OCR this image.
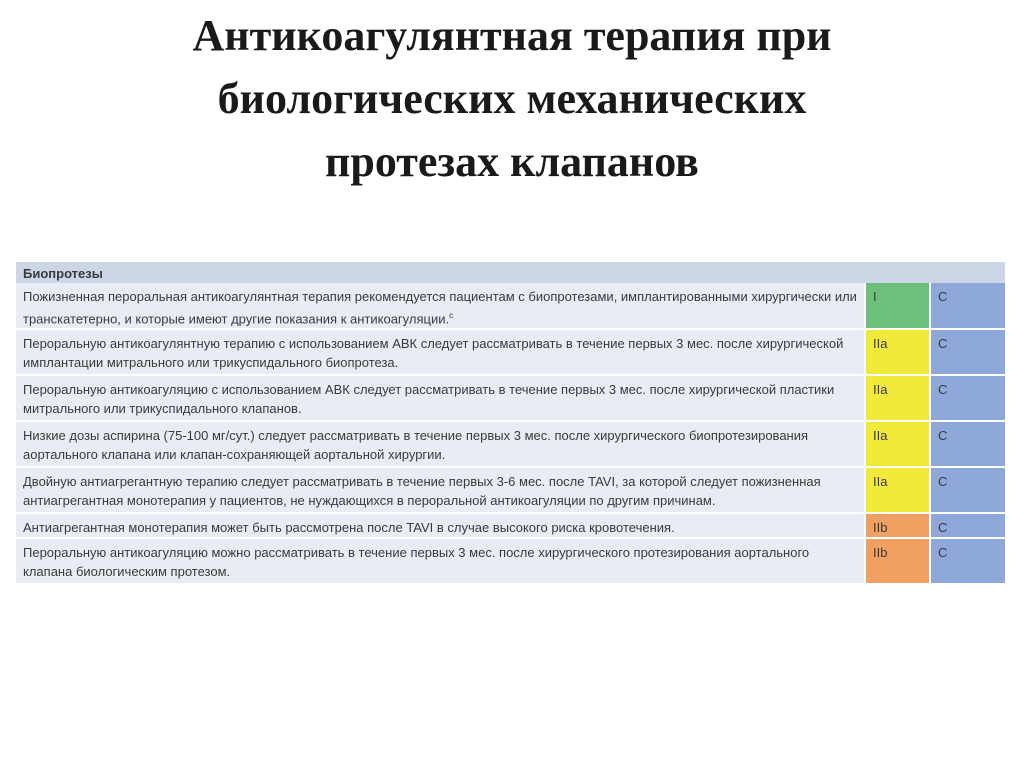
Антикоагулянтная терапия при
биологических механических
протезах клапанов
Биопротезы		
Пожизненная пероральная антикоагулянтная терапия рекомендуется пациентам с биопротезами, имплантированными хирургически или транскатетерно, и которые имеют другие показания к антикоагуляции.$^c$	I	C
Пероральную антикоагулянтную терапию с использованием АВК следует рассматривать в течение первых 3 мес. после хирургической имплантации митрального или трикуспидального биопротеза.	IIa	C
Пероральную антикоагуляцию с использованием АВК следует рассматривать в течение первых 3 мес. после хирургической пластики митрального или трикуспидального клапанов.	IIa	C
Низкие дозы аспирина (75-100 мг/сут.) следует рассматривать в течение первых 3 мес. после хирургического биопротезирования аортального клапана или клапан-сохраняющей аортальной хирургии.	IIa	C
Двойную антиагрегантную терапию следует рассматривать в течение первых 3-6 мес. после TAVI, за которой следует пожизненная антиагрегантная монотерапия у пациентов, не нуждающихся в пероральной антикоагуляции по другим причинам.	IIa	C
Антиагрегантная монотерапия может быть рассмотрена после TAVI в случае высокого риска кровотечения.	IIb	C
Пероральную антикоагуляцию можно рассматривать в течение первых 3 мес. после хирургического протезирования аортального клапана биологическим протезом.	IIb	C
